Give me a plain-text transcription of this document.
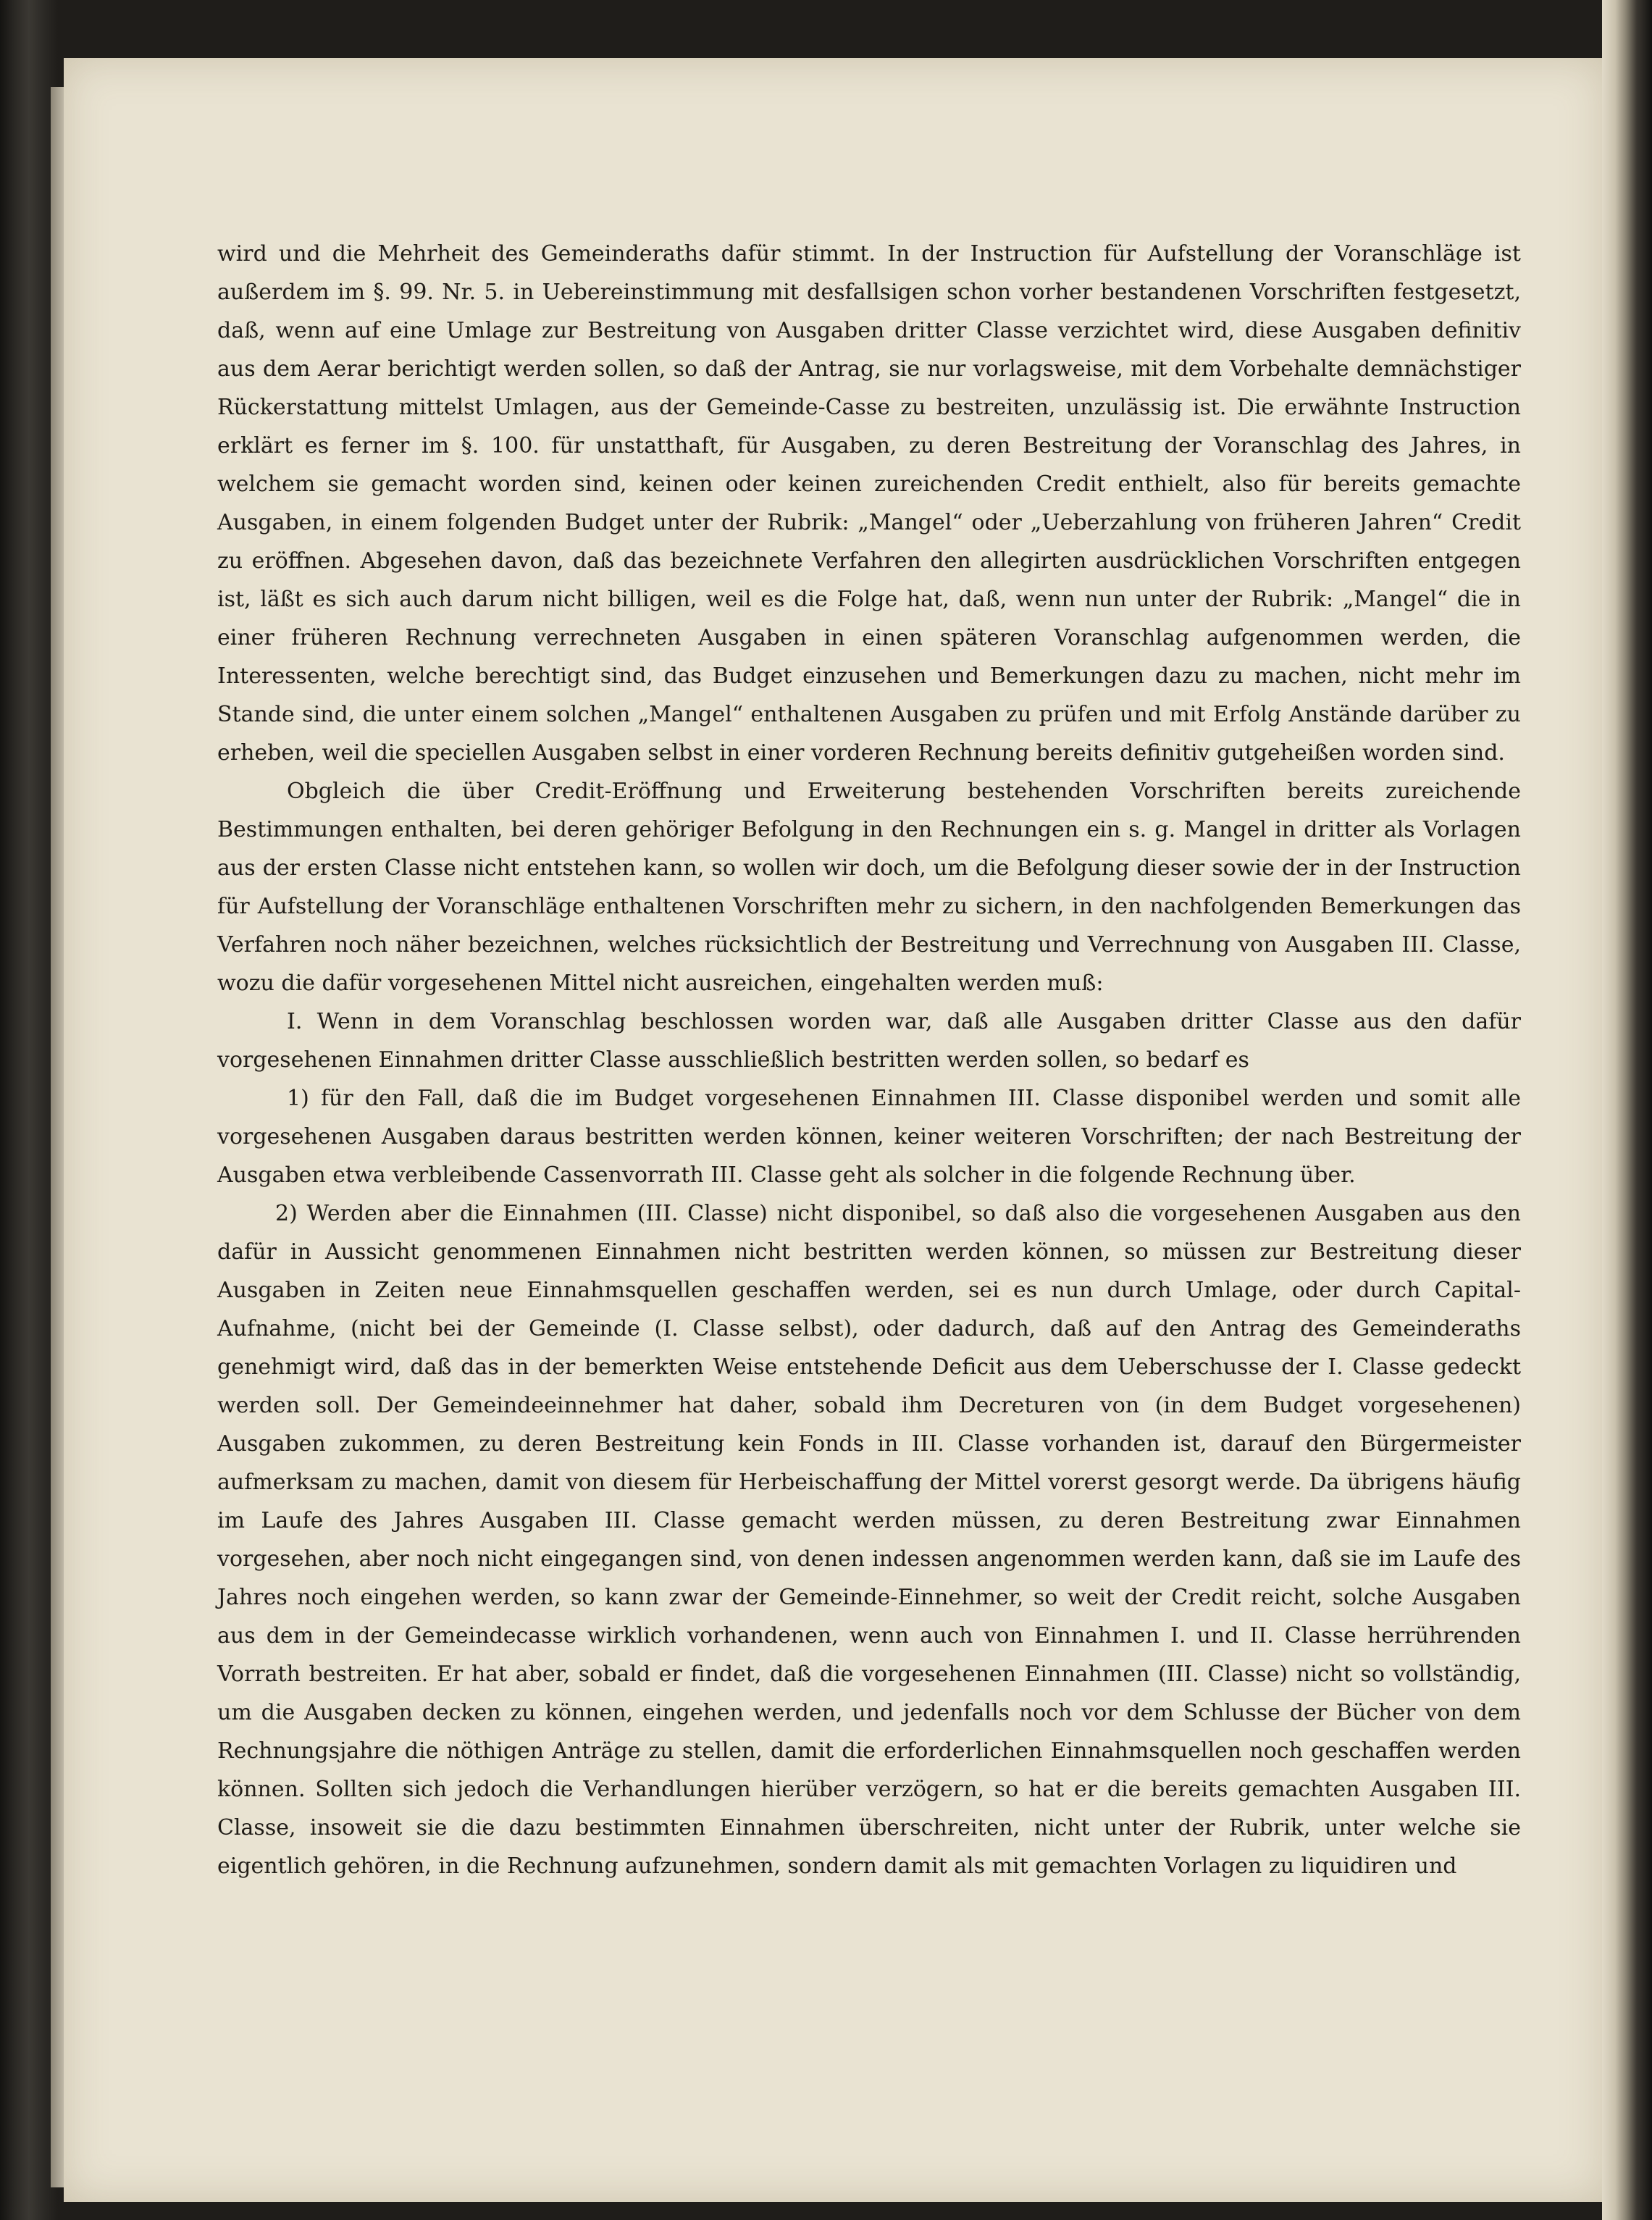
wird und die Mehrheit des Gemeinderaths dafür stimmt. In der Instruction für Aufstellung der Voranschläge ist außerdem im §. 99. Nr. 5. in Uebereinstimmung mit desfallsigen schon vorher bestandenen Vorschriften festgesetzt, daß, wenn auf eine Umlage zur Bestreitung von Ausgaben dritter Classe verzichtet wird, diese Ausgaben definitiv aus dem Aerar berichtigt werden sollen, so daß der Antrag, sie nur vorlagsweise, mit dem Vorbehalte demnächstiger Rückerstattung mittelst Umlagen, aus der Gemeinde-Casse zu bestreiten, unzulässig ist. Die erwähnte Instruction erklärt es ferner im §. 100. für unstatthaft, für Ausgaben, zu deren Bestreitung der Voranschlag des Jahres, in welchem sie gemacht worden sind, keinen oder keinen zureichenden Credit enthielt, also für bereits gemachte Ausgaben, in einem folgenden Budget unter der Rubrik: „Mangel“ oder „Ueberzahlung von früheren Jahren“ Credit zu eröffnen. Abgesehen davon, daß das bezeichnete Verfahren den allegirten ausdrücklichen Vorschriften entgegen ist, läßt es sich auch darum nicht billigen, weil es die Folge hat, daß, wenn nun unter der Rubrik: „Mangel“ die in einer früheren Rechnung verrechneten Ausgaben in einen späteren Voranschlag aufgenommen werden, die Interessenten, welche berechtigt sind, das Budget einzusehen und Bemerkungen dazu zu machen, nicht mehr im Stande sind, die unter einem solchen „Mangel“ enthaltenen Ausgaben zu prüfen und mit Erfolg Anstände darüber zu erheben, weil die speciellen Ausgaben selbst in einer vorderen Rechnung bereits definitiv gutgeheißen worden sind.

Obgleich die über Credit-Eröffnung und Erweiterung bestehenden Vorschriften bereits zureichende Bestimmungen enthalten, bei deren gehöriger Befolgung in den Rechnungen ein s. g. Mangel in dritter als Vorlagen aus der ersten Classe nicht entstehen kann, so wollen wir doch, um die Befolgung dieser sowie der in der Instruction für Aufstellung der Voranschläge enthaltenen Vorschriften mehr zu sichern, in den nachfolgenden Bemerkungen das Verfahren noch näher bezeichnen, welches rücksichtlich der Bestreitung und Verrechnung von Ausgaben III. Classe, wozu die dafür vorgesehenen Mittel nicht ausreichen, eingehalten werden muß:

I. Wenn in dem Voranschlag beschlossen worden war, daß alle Ausgaben dritter Classe aus den dafür vorgesehenen Einnahmen dritter Classe ausschließlich bestritten werden sollen, so bedarf es

1) für den Fall, daß die im Budget vorgesehenen Einnahmen III. Classe disponibel werden und somit alle vorgesehenen Ausgaben daraus bestritten werden können, keiner weiteren Vorschriften; der nach Bestreitung der Ausgaben etwa verbleibende Cassenvorrath III. Classe geht als solcher in die folgende Rechnung über.

2) Werden aber die Einnahmen (III. Classe) nicht disponibel, so daß also die vorgesehenen Ausgaben aus den dafür in Aussicht genommenen Einnahmen nicht bestritten werden können, so müssen zur Bestreitung dieser Ausgaben in Zeiten neue Einnahmsquellen geschaffen werden, sei es nun durch Umlage, oder durch Capital-Aufnahme, (nicht bei der Gemeinde (I. Classe selbst), oder dadurch, daß auf den Antrag des Gemeinderaths genehmigt wird, daß das in der bemerkten Weise entstehende Deficit aus dem Ueberschusse der I. Classe gedeckt werden soll. Der Gemeindeeinnehmer hat daher, sobald ihm Decreturen von (in dem Budget vorgesehenen) Ausgaben zukommen, zu deren Bestreitung kein Fonds in III. Classe vorhanden ist, darauf den Bürgermeister aufmerksam zu machen, damit von diesem für Herbeischaffung der Mittel vorerst gesorgt werde. Da übrigens häufig im Laufe des Jahres Ausgaben III. Classe gemacht werden müssen, zu deren Bestreitung zwar Einnahmen vorgesehen, aber noch nicht eingegangen sind, von denen indessen angenommen werden kann, daß sie im Laufe des Jahres noch eingehen werden, so kann zwar der Gemeinde-Einnehmer, so weit der Credit reicht, solche Ausgaben aus dem in der Gemeindecasse wirklich vorhandenen, wenn auch von Einnahmen I. und II. Classe herrührenden Vorrath bestreiten. Er hat aber, sobald er findet, daß die vorgesehenen Einnahmen (III. Classe) nicht so vollständig, um die Ausgaben decken zu können, eingehen werden, und jedenfalls noch vor dem Schlusse der Bücher von dem Rechnungsjahre die nöthigen Anträge zu stellen, damit die erforderlichen Einnahmsquellen noch geschaffen werden können. Sollten sich jedoch die Verhandlungen hierüber verzögern, so hat er die bereits gemachten Ausgaben III. Classe, insoweit sie die dazu bestimmten Einnahmen überschreiten, nicht unter der Rubrik, unter welche sie eigentlich gehören, in die Rechnung aufzunehmen, sondern damit als mit gemachten Vorlagen zu liquidiren und
